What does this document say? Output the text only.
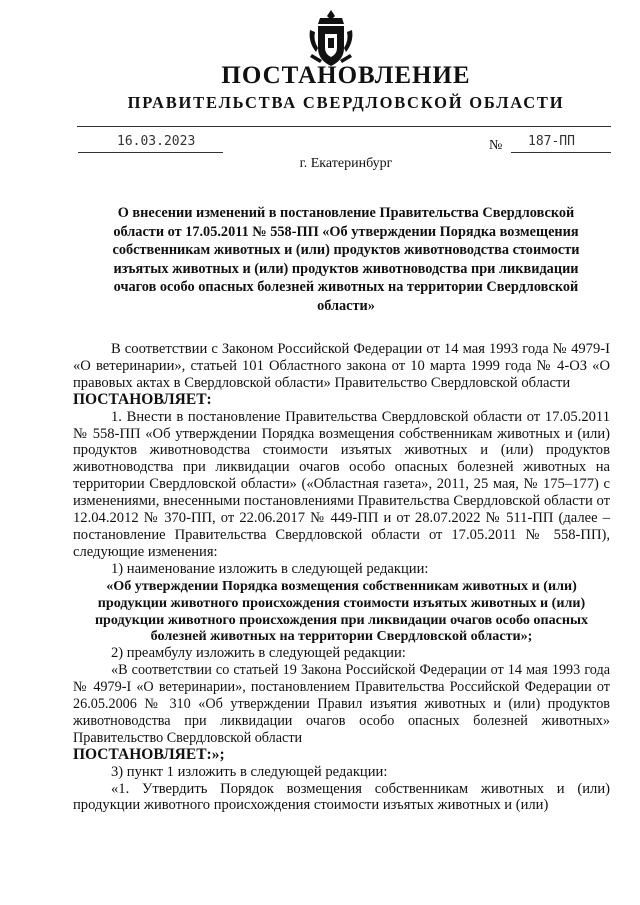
ПОСТАНОВЛЕНИЕ
ПРАВИТЕЛЬСТВА СВЕРДЛОВСКОЙ ОБЛАСТИ
16.03.2023	№ 187-ПП
г. Екатеринбург

О внесении изменений в постановление Правительства Свердловской области от 17.05.2011 № 558-ПП «Об утверждении Порядка возмещения собственникам животных и (или) продуктов животноводства стоимости изъятых животных и (или) продуктов животноводства при ликвидации очагов особо опасных болезней животных на территории Свердловской области»

В соответствии с Законом Российской Федерации от 14 мая 1993 года № 4979-I «О ветеринарии», статьей 101 Областного закона от 10 марта 1999 года № 4-ОЗ «О правовых актах в Свердловской области» Правительство Свердловской области

ПОСТАНОВЛЯЕТ:

1. Внести в постановление Правительства Свердловской области от 17.05.2011 № 558-ПП «Об утверждении Порядка возмещения собственникам животных и (или) продуктов животноводства стоимости изъятых животных и (или) продуктов животноводства при ликвидации очагов особо опасных болезней животных на территории Свердловской области» («Областная газета», 2011, 25 мая, № 175–177) с изменениями, внесенными постановлениями Правительства Свердловской области от 12.04.2012 № 370-ПП, от 22.06.2017 № 449-ПП и от 28.07.2022 № 511-ПП (далее – постановление Правительства Свердловской области от 17.05.2011 № 558-ПП), следующие изменения:

1) наименование изложить в следующей редакции:

«Об утверждении Порядка возмещения собственникам животных и (или) продукции животного происхождения стоимости изъятых животных и (или) продукции животного происхождения при ликвидации очагов особо опасных болезней животных на территории Свердловской области»;

2) преамбулу изложить в следующей редакции:

«В соответствии со статьей 19 Закона Российской Федерации от 14 мая 1993 года № 4979-I «О ветеринарии», постановлением Правительства Российской Федерации от 26.05.2006 № 310 «Об утверждении Правил изъятия животных и (или) продуктов животноводства при ликвидации очагов особо опасных болезней животных» Правительство Свердловской области

ПОСТАНОВЛЯЕТ:»;

3) пункт 1 изложить в следующей редакции:

«1. Утвердить Порядок возмещения собственникам животных и (или) продукции животного происхождения стоимости изъятых животных и (или)
